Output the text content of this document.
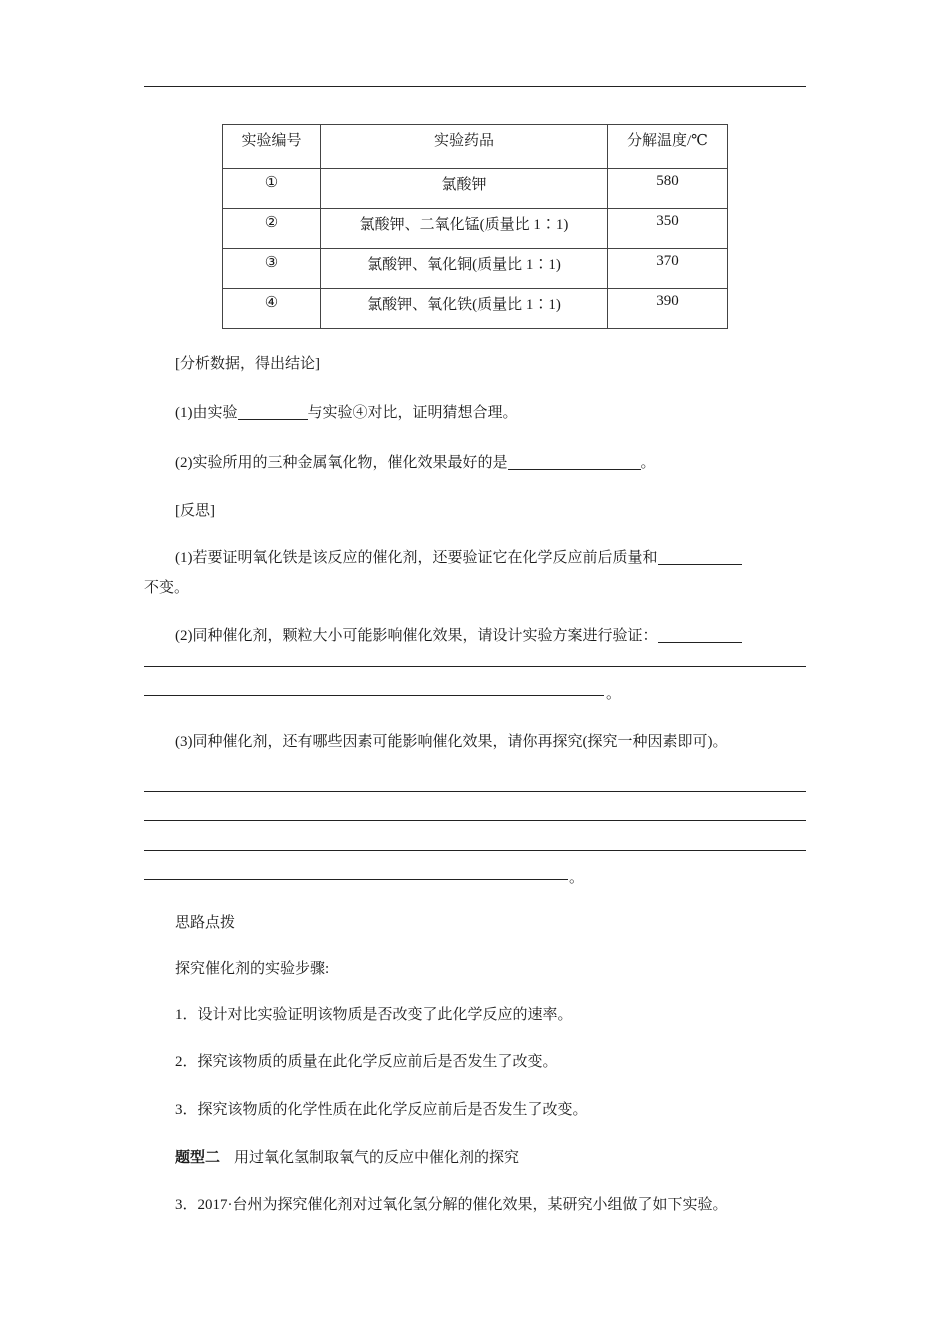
实验编号	实验药品	分解温度/℃
①	氯酸钾	580
②	氯酸钾、二氧化锰(质量比 1∶1)	350
③	氯酸钾、氧化铜(质量比 1∶1)	370
④	氯酸钾、氧化铁(质量比 1∶1)	390
[分析数据，得出结论]
(1)由实验	与实验④对比，证明猜想合理。
(2)实验所用的三种金属氧化物，催化效果最好的是	。
[反思]
(1)若要证明氧化铁是该反应的催化剂，还要验证它在化学反应前后质量和
不变。
(2)同种催化剂，颗粒大小可能影响催化效果，请设计实验方案进行验证：
。
(3)同种催化剂，还有哪些因素可能影响催化效果，请你再探究(探究一种因素即可)。
。
思路点拨
探究催化剂的实验步骤:
1．设计对比实验证明该物质是否改变了此化学反应的速率。
2．探究该物质的质量在此化学反应前后是否发生了改变。
3．探究该物质的化学性质在此化学反应前后是否发生了改变。
题型二 用过氧化氢制取氧气的反应中催化剂的探究
3．2017·台州为探究催化剂对过氧化氢分解的催化效果，某研究小组做了如下实验。
